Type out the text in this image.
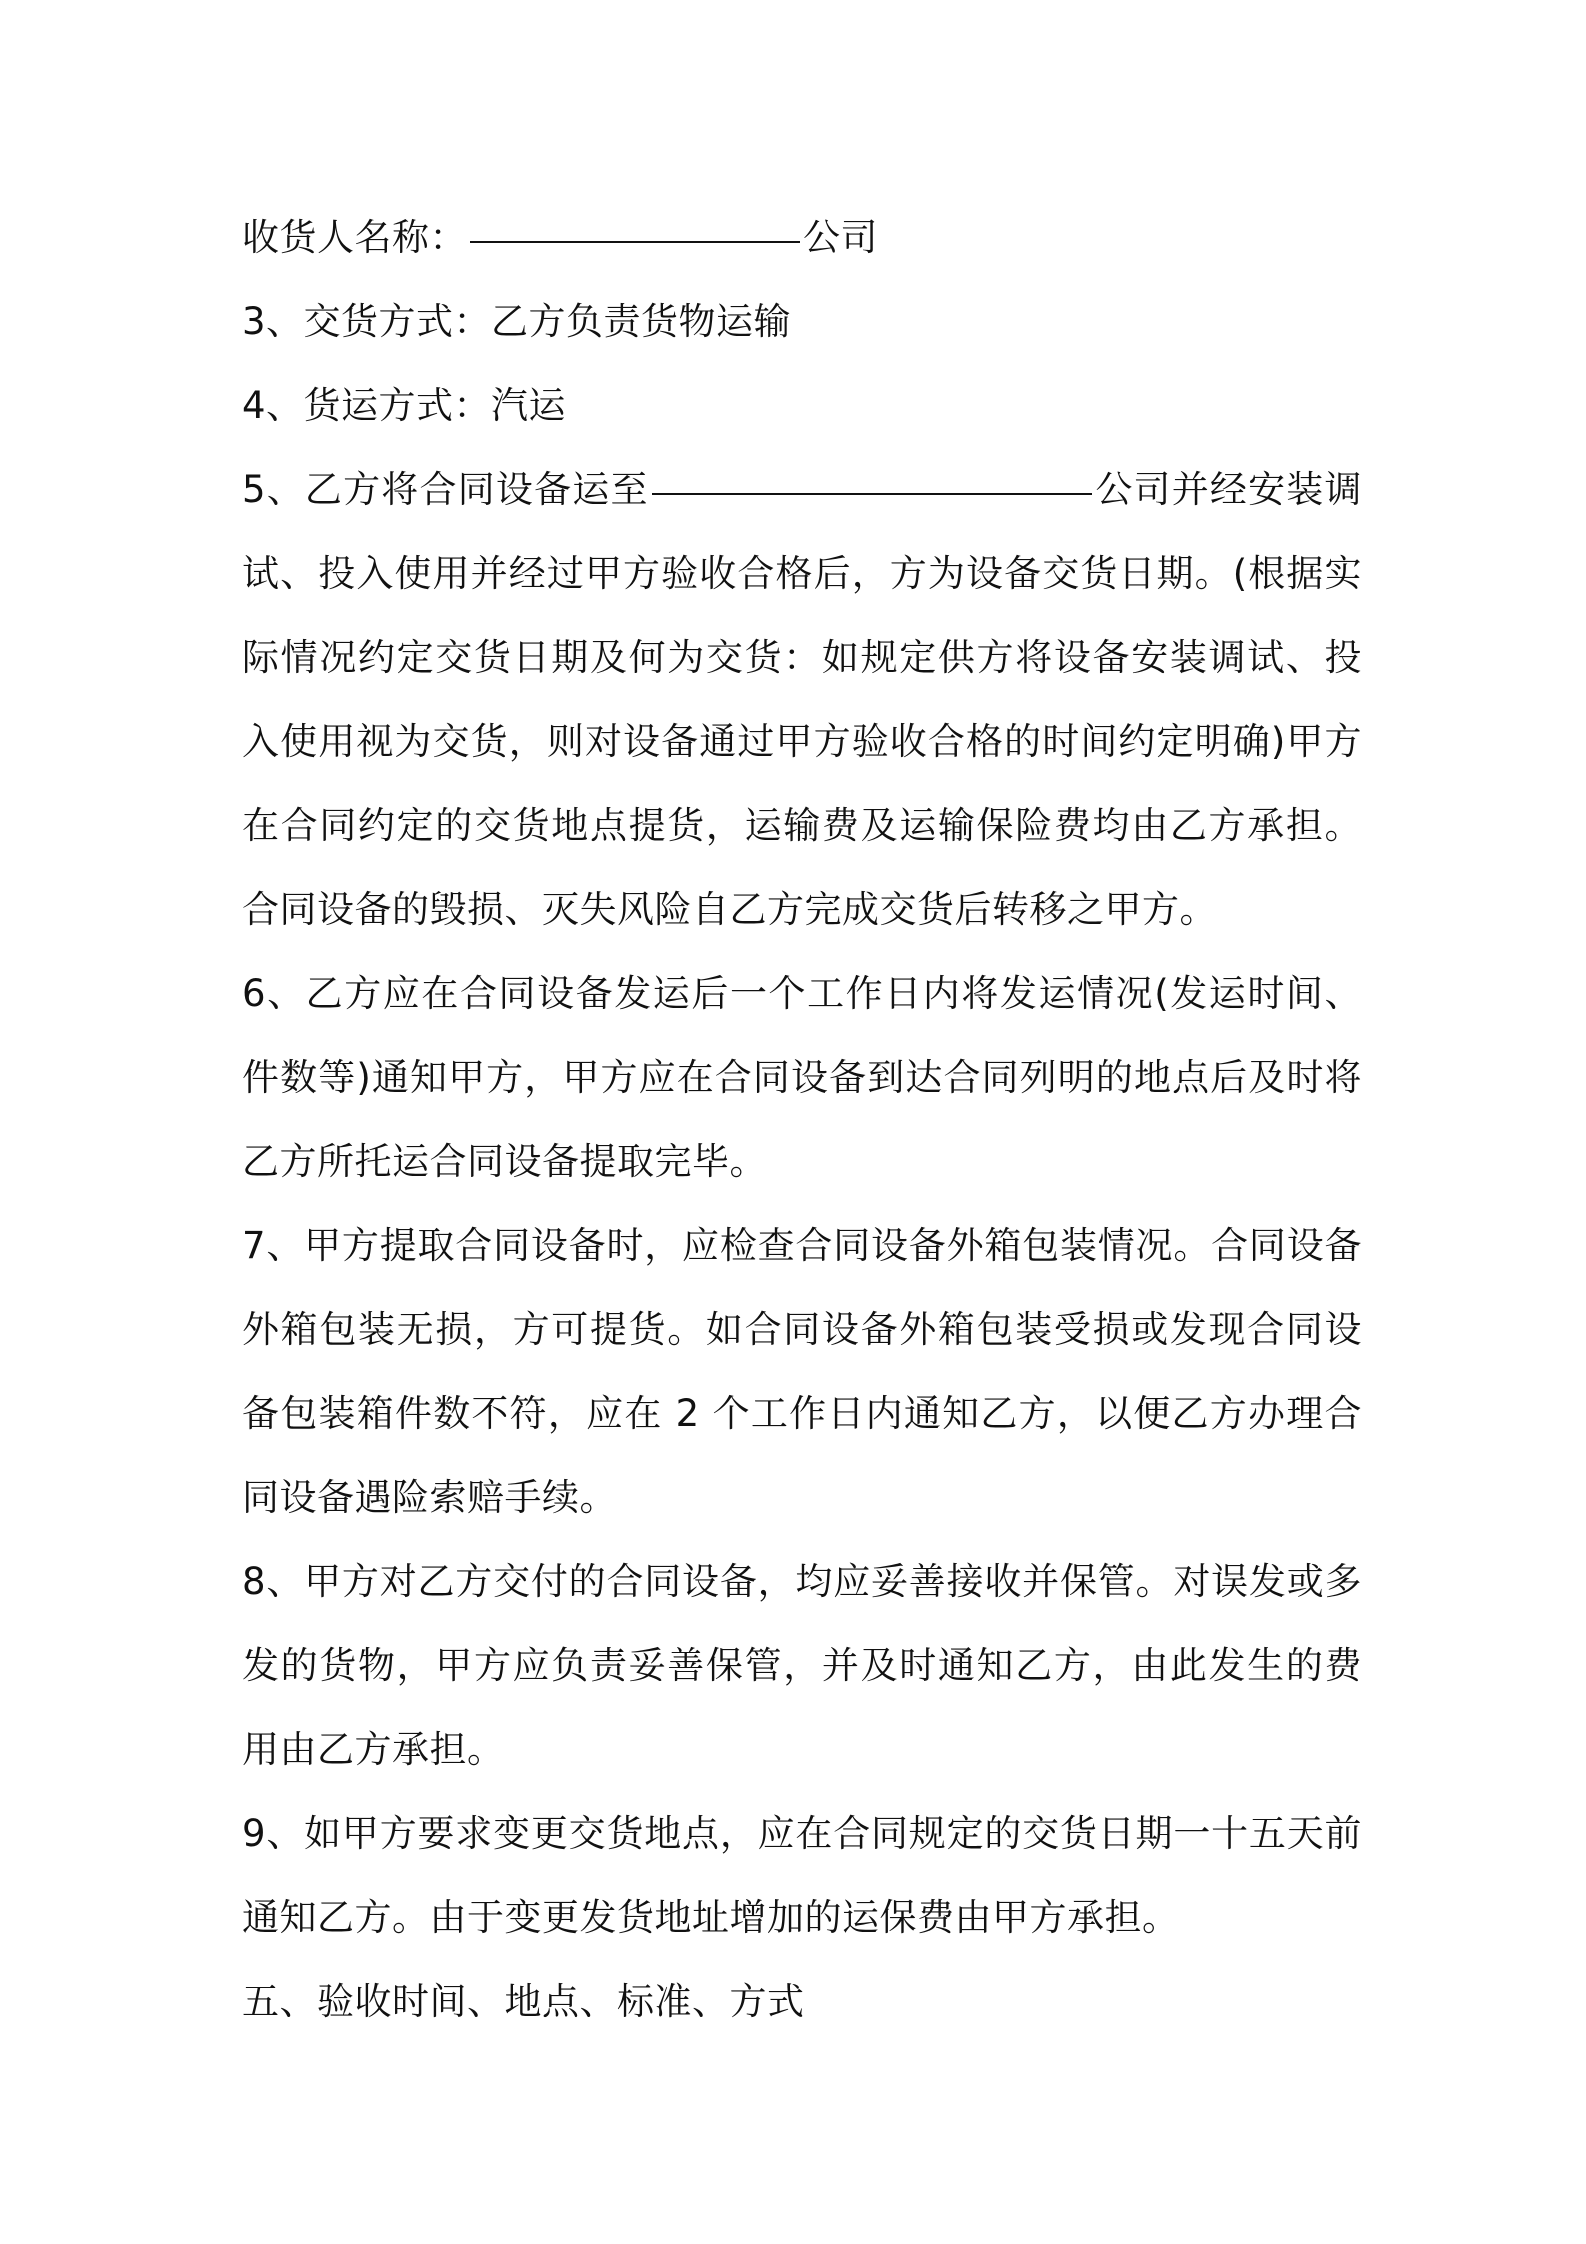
收货人名称：	公司

3、交货方式：乙方负责货物运输

4、货运方式：汽运

5、乙方将合同设备运至	公司并经安装调试、投入使用并经过甲方验收合格后，方为设备交货日期。(根据实际情况约定交货日期及何为交货：如规定供方将设备安装调试、投入使用视为交货，则对设备通过甲方验收合格的时间约定明确)甲方在合同约定的交货地点提货，运输费及运输保险费均由乙方承担。合同设备的毁损、灭失风险自乙方完成交货后转移之甲方。

6、乙方应在合同设备发运后一个工作日内将发运情况(发运时间、件数等)通知甲方，甲方应在合同设备到达合同列明的地点后及时将乙方所托运合同设备提取完毕。

7、甲方提取合同设备时，应检查合同设备外箱包装情况。合同设备外箱包装无损，方可提货。如合同设备外箱包装受损或发现合同设备包装箱件数不符，应在 2 个工作日内通知乙方，以便乙方办理合同设备遇险索赔手续。

8、甲方对乙方交付的合同设备，均应妥善接收并保管。对误发或多发的货物，甲方应负责妥善保管，并及时通知乙方，由此发生的费用由乙方承担。

9、如甲方要求变更交货地点，应在合同规定的交货日期一十五天前通知乙方。由于变更发货地址增加的运保费由甲方承担。

五、验收时间、地点、标准、方式
